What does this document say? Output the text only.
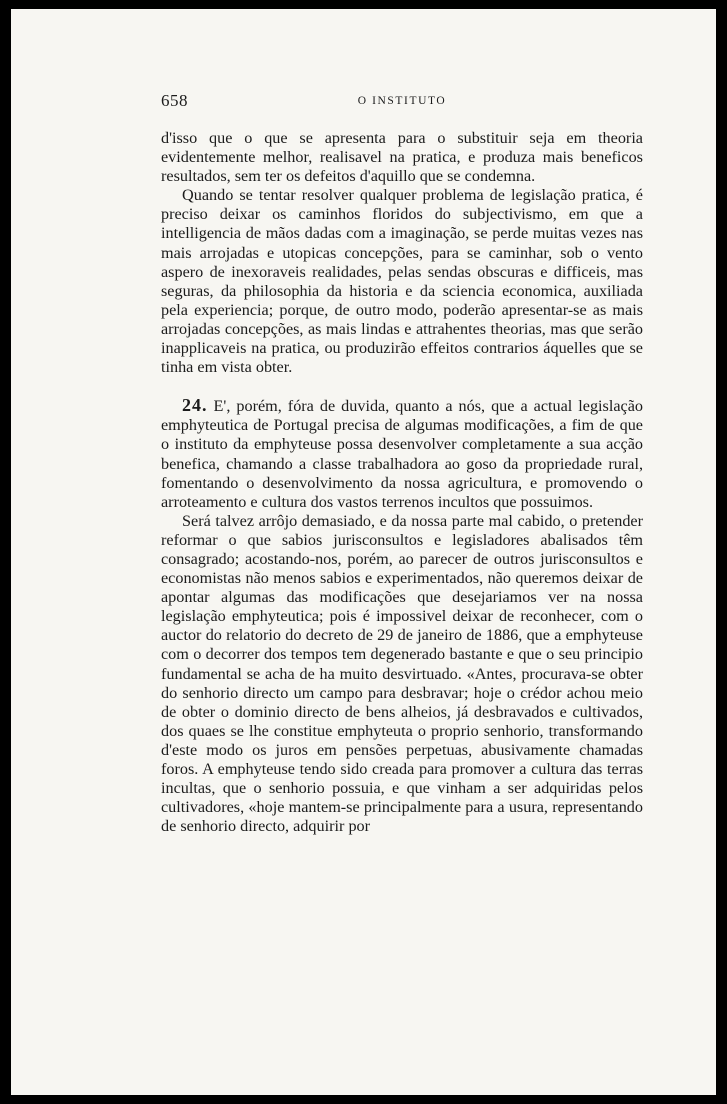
658	O INSTITUTO

d'isso que o que se apresenta para o substituir seja em theoria evidentemente melhor, realisavel na pratica, e produza mais beneficos resultados, sem ter os defeitos d'aquillo que se condemna.

Quando se tentar resolver qualquer problema de legislação pratica, é preciso deixar os caminhos floridos do subjectivismo, em que a intelligencia de mãos dadas com a imaginação, se perde muitas vezes nas mais arrojadas e utopicas concepções, para se caminhar, sob o vento aspero de inexoraveis realidades, pelas sendas obscuras e difficeis, mas seguras, da philosophia da historia e da sciencia economica, auxiliada pela experiencia; porque, de outro modo, poderão apresentar-se as mais arrojadas concepções, as mais lindas e attrahentes theorias, mas que serão inapplicaveis na pratica, ou produzirão effeitos contrarios áquelles que se tinha em vista obter.

24. E', porém, fóra de duvida, quanto a nós, que a actual legislação emphyteutica de Portugal precisa de algumas modificações, a fim de que o instituto da emphyteuse possa desenvolver completamente a sua acção benefica, chamando a classe trabalhadora ao goso da propriedade rural, fomentando o desenvolvimento da nossa agricultura, e promovendo o arroteamento e cultura dos vastos terrenos incultos que possuimos.

Será talvez arrôjo demasiado, e da nossa parte mal cabido, o pretender reformar o que sabios jurisconsultos e legisladores abalisados têm consagrado; acostando-nos, porém, ao parecer de outros jurisconsultos e economistas não menos sabios e experimentados, não queremos deixar de apontar algumas das modificações que desejariamos ver na nossa legislação emphyteutica; pois é impossivel deixar de reconhecer, com o auctor do relatorio do decreto de 29 de janeiro de 1886, que a emphyteuse com o decorrer dos tempos tem degenerado bastante e que o seu principio fundamental se acha de ha muito desvirtuado. «Antes, procurava-se obter do senhorio directo um campo para desbravar; hoje o crédor achou meio de obter o dominio directo de bens alheios, já desbravados e cultivados, dos quaes se lhe constitue emphyteuta o proprio senhorio, transformando d'este modo os juros em pensões perpetuas, abusivamente chamadas foros. A emphyteuse tendo sido creada para promover a cultura das terras incultas, que o senhorio possuia, e que vinham a ser adquiridas pelos cultivadores, «hoje mantem-se principalmente para a usura, representando de senhorio directo, adquirir por
